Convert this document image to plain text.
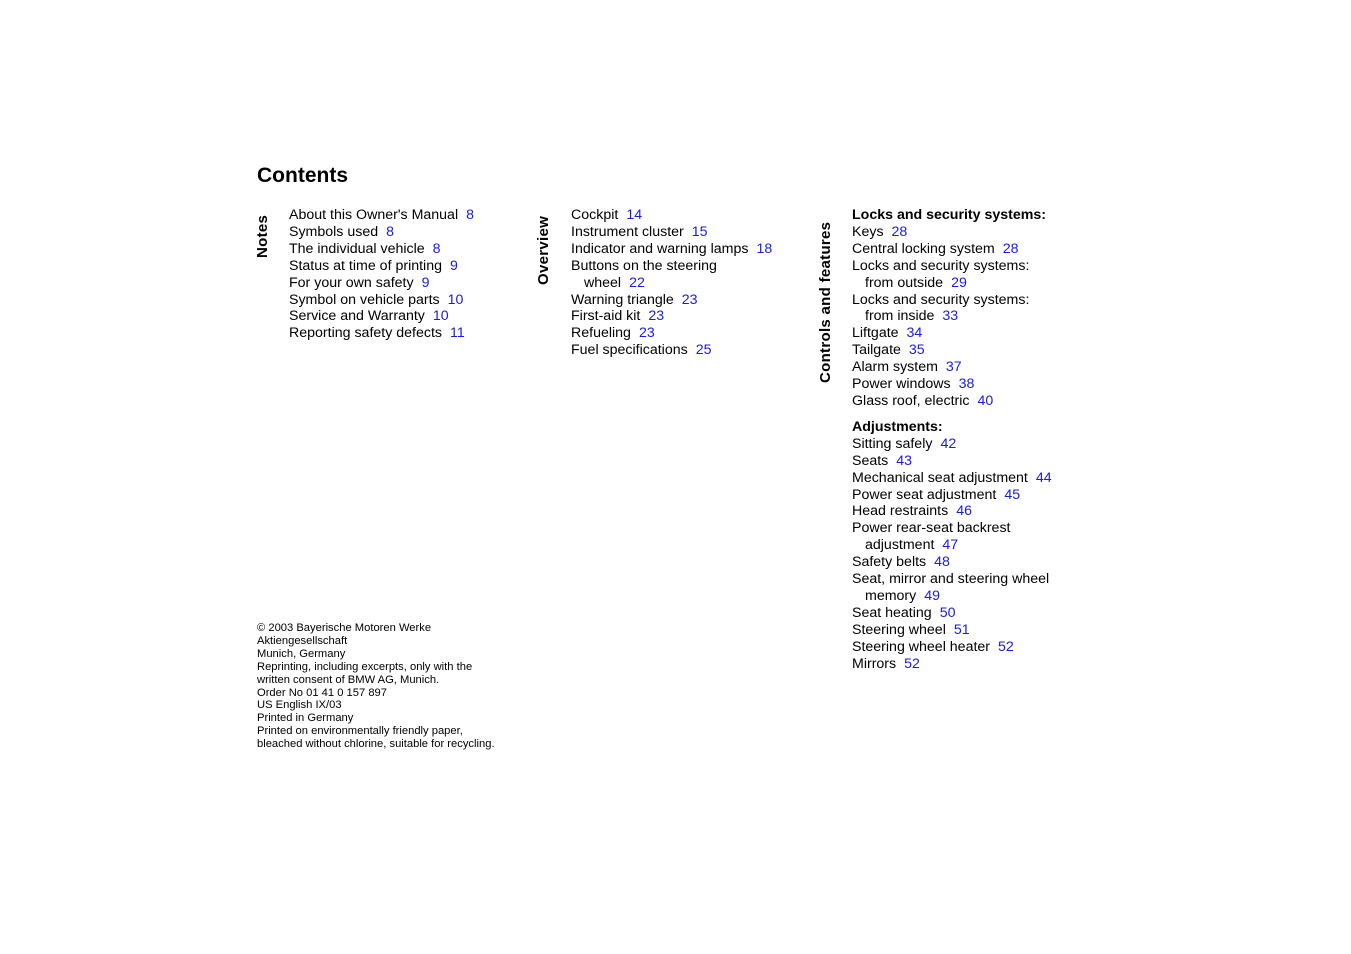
Contents
Notes About this Owner's Manual 8
Symbols used 8
The individual vehicle 8
Status at time of printing 9
For your own safety 9
Symbol on vehicle parts 10
Service and Warranty 10
Reporting safety defects 11
Overview
Cockpit 14
Instrument cluster 15
Indicator and warning lamps 18
Buttons on the steering
wheel 22
Warning triangle 23
First-aid kit 23
Refueling 23
Fuel specifications 25	Controls and features
Locks and security systems:
Keys 28
Central locking system 28
Locks and security systems:
from outside 29
Locks and security systems:
from inside 33
Liftgate 34
Tailgate 35
Alarm system 37
Power windows 38
Glass roof, electric 40
Adjustments:
Sitting safely 42
Seats 43
Mechanical seat adjustment 44
Power seat adjustment 45
Head restraints 46
Power rear-seat backrest
adjustment 47
Safety belts 48
Seat, mirror and steering wheel
memory 49
Seat heating 50
Steering wheel 51
Steering wheel heater 52
Mirrors 52
© 2003 Bayerische Motoren Werke
Aktiengesellschaft
Munich, Germany
Reprinting, including excerpts, only with the
written consent of BMW AG, Munich.
Order No 01 41 0 157 897
US English IX/03
Printed in Germany
Printed on environmentally friendly paper,
bleached without chlorine, suitable for recycling.
